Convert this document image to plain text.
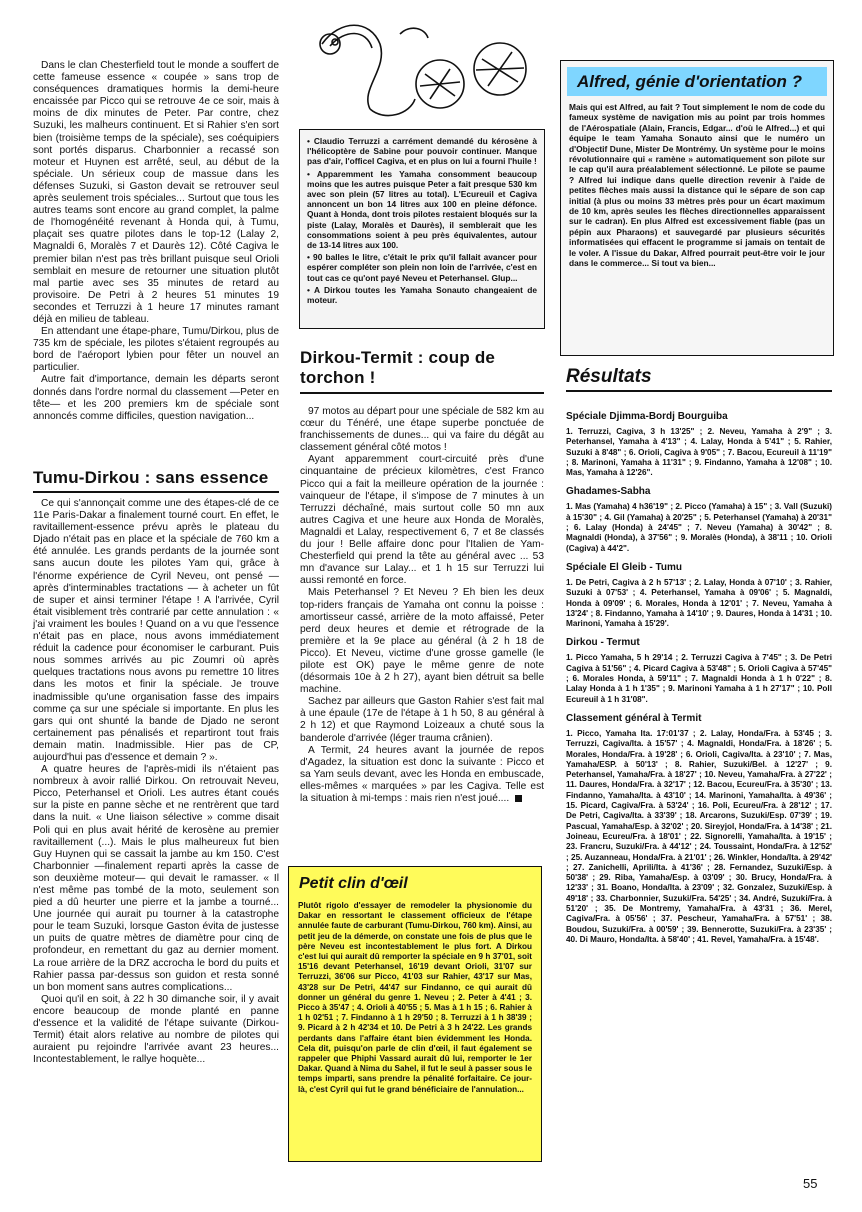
Dans le clan Chesterfield tout le monde a souffert de cette fameuse essence « coupée » sans trop de conséquences dramatiques hormis la demi-heure encaissée par Picco qui se retrouve 4e ce soir, mais à moins de dix minutes de Peter. Par contre, chez Suzuki, les malheurs continuent. Et si Rahier s'en sort bien (troisième temps de la spéciale), ses coéquipiers sont portés disparus. Charbonnier a recassé son moteur et Huynen est arrêté, seul, au début de la spéciale. Un sérieux coup de massue dans les défenses Suzuki, si Gaston devait se retrouver seul après seulement trois spéciales... Surtout que tous les autres teams sont encore au grand complet, la palme de l'homogénéité revenant à Honda qui, à Tumu, plaçait ses quatre pilotes dans le top-12 (Lalay 2, Magnaldi 6, Moralès 7 et Daurès 12). Côté Cagiva le premier bilan n'est pas très brillant puisque seul Orioli semblait en mesure de retourner une situation plutôt mal partie avec ses 35 minutes de retard au provisoire. De Petri à 2 heures 51 minutes 19 secondes et Terruzzi à 1 heure 17 minutes ramant déjà en milieu de tableau.

En attendant une étape-phare, Tumu/Dirkou, plus de 735 km de spéciale, les pilotes s'étaient regroupés au bord de l'aéroport lybien pour fêter un nouvel an particulier.

Autre fait d'importance, demain les départs seront donnés dans l'ordre normal du classement —Peter en tête— et les 200 premiers km de spéciale sont annoncés comme difficiles, question navigation...

Tumu-Dirkou : sans essence

Ce qui s'annonçait comme une des étapes-clé de ce 11e Paris-Dakar a finalement tourné court. En effet, le ravitaillement-essence prévu après le plateau du Djado n'était pas en place et la spéciale de 760 km a été annulée. Les grands perdants de la journée sont sans aucun doute les pilotes Yam qui, grâce à l'énorme expérience de Cyril Neveu, ont pensé — après d'interminables tractations — à acheter un fût de super et ainsi terminer l'étape ! A l'arrivée, Cyril était visiblement très contrarié par cette annulation : « j'ai vraiment les boules ! Quand on a vu que l'essence n'était pas en place, nous avons immédiatement réduit la cadence pour économiser le carburant. Puis nous sommes arrivés au pic Zoumri où après quelques tractations nous avons pu remettre 10 litres dans les motos et finir la spéciale. Je trouve inadmissible qu'une organisation fasse des impairs comme ça sur une spéciale si importante. En plus les gars qui ont shunté la bande de Djado ne seront certainement pas pénalisés et repartiront tout frais demain matin. Inadmissible. Hier pas de CP, aujourd'hui pas d'essence et demain ? ».

A quatre heures de l'après-midi ils n'étaient pas nombreux à avoir rallié Dirkou. On retrouvait Neveu, Picco, Peterhansel et Orioli. Les autres étant coués sur la piste en panne sèche et ne rentrèrent que tard dans la nuit. « Une liaison sélective » comme disait Poli qui en plus avait hérité de kerosène au premier ravitaillement (...). Mais le plus malheureux fut bien Guy Huynen qui se cassait la jambe au km 150. C'est Charbonnier —finalement reparti après la casse de son deuxième moteur— qui devait le ramasser. « Il n'est même pas tombé de la moto, seulement son pied a dû heurter une pierre et la jambe a tourné... Une journée qui aurait pu tourner à la catastrophe pour le team Suzuki, lorsque Gaston évita de justesse un puits de quatre mètres de diamètre pour cinq de profondeur, en remettant du gaz au dernier moment. La roue arrière de la DRZ accrocha le bord du puits et Rahier passa par-dessus son guidon et resta sonné un bon moment sans autres complications...

Quoi qu'il en soit, à 22 h 30 dimanche soir, il y avait encore beaucoup de monde planté en panne d'essence et la validité de l'étape suivante (Dirkou-Termit) était alors relative au nombre de pilotes qui auraient pu rejoindre l'arrivée avant 23 heures... Incontestablement, le rallye hoquète...

• Claudio Terruzzi a carrément demandé du kérosène à l'hélicoptère de Sabine pour pouvoir continuer. Manque pas d'air, l'officel Cagiva, et en plus on lui a fourni l'huile !

• Apparemment les Yamaha consomment beaucoup moins que les autres puisque Peter a fait presque 530 km avec son plein (57 litres au total). L'Ecureuil et Cagiva annoncent un bon 14 litres aux 100 en pleine défonce. Quant à Honda, dont trois pilotes restaient bloqués sur la piste (Lalay, Moralès et Daurès), il semblerait que les consommations soient à peu près équivalentes, autour de 13-14 litres aux 100.

• 90 balles le litre, c'était le prix qu'il fallait avancer pour espérer compléter son plein non loin de l'arrivée, c'est en tout cas ce qu'ont payé Neveu et Peterhansel. Glup...

• A Dirkou toutes les Yamaha Sonauto changeaient de moteur.

Dirkou-Termit : coup de torchon !

97 motos au départ pour une spéciale de 582 km au cœur du Ténéré, une étape superbe ponctuée de franchissements de dunes... qui va faire du dégât au classement général côté motos !

Ayant apparemment court-circuité près d'une cinquantaine de précieux kilomètres, c'est Franco Picco qui a fait la meilleure opération de la journée : vainqueur de l'étape, il s'impose de 7 minutes à un Terruzzi déchaîné, mais surtout colle 50 mn aux autres Cagiva et une heure aux Honda de Moralès, Magnaldi et Lalay, respectivement 6, 7 et 8e classés du jour ! Belle affaire donc pour l'Italien de Yam-Chesterfield qui prend la tête au général avec ... 53 mn d'avance sur Lalay... et 1 h 15 sur Terruzzi lui aussi remonté en force.

Mais Peterhansel ? Et Neveu ? Eh bien les deux top-riders français de Yamaha ont connu la poisse : amortisseur cassé, arrière de la moto affaissé, Peter perd deux heures et demie et rétrograde de la première et la 9e place au général (à 2 h 18 de Picco). Et Neveu, victime d'une grosse gamelle (le pilote est OK) paye le même genre de note (désormais 10e à 2 h 27), ayant bien détruit sa belle machine.

Sachez par ailleurs que Gaston Rahier s'est fait mal à une épaule (17e de l'étape à 1 h 50, 8 au général à 2 h 12) et que Raymond Loizeaux a chuté sous la banderole d'arrivée (léger trauma crânien).

A Termit, 24 heures avant la journée de repos d'Agadez, la situation est donc la suivante : Picco et sa Yam seuls devant, avec les Honda en embuscade, elles-mêmes « marquées » par les Cagiva. Telle est la situation à mi-temps : mais rien n'est joué....

Alfred, génie d'orientation ?
Mais qui est Alfred, au fait ? Tout simplement le nom de code du fameux système de navigation mis au point par trois hommes de l'Aérospatiale (Alain, Francis, Edgar... d'où le Alfred...) et qui équipe le team Yamaha Sonauto ainsi que le numéro un d'Objectif Dune, Mister De Montrémy. Un système pour le moins révolutionnaire qui « ramène » automatiquement son pilote sur le cap qu'il aura préalablement sélectionné. Le pilote se paume ? Alfred lui indique dans quelle direction revenir à l'aide de petites flèches mais aussi la distance qui le sépare de son cap initial (à plus ou moins 33 mètres près pour un écart maximum de 10 km, après seules les flèches directionnelles apparaissent sur le cadran). En plus Alfred est excessivement fiable (pas un pépin aux Pharaons) et sauvegardé par plusieurs sécurités informatisées qui effacent le programme si jamais on tentait de le voler. A l'issue du Dakar, Alfred pourrait peut-être voir le jour dans le commerce... Si tout va bien...
Résultats
Spéciale Djimma-Bordj Bourguiba
1. Terruzzi, Cagiva, 3 h 13'25" ; 2. Neveu, Yamaha à 2'9" ; 3. Peterhansel, Yamaha à 4'13" ; 4. Lalay, Honda à 5'41" ; 5. Rahier, Suzuki à 8'48" ; 6. Orioli, Cagiva à 9'05" ; 7. Bacou, Ecureuil à 11'19" ; 8. Marinoni, Yamaha à 11'31" ; 9. Findanno, Yamaha à 12'08" ; 10. Mas, Yamaha à 12'26".
Ghadames-Sabha
1. Mas (Yamaha) 4 h36'19" ; 2. Picco (Yamaha) à 15" ; 3. Vall (Suzuki) à 15'30" ; 4. Gil (Yamaha) à 20'25" ; 5. Peterhansel (Yamaha) à 20'31" ; 6. Lalay (Honda) à 24'45" ; 7. Neveu (Yamaha) à 30'42" ; 8. Magnaldi (Honda), à 37'56" ; 9. Moralès (Honda), à 38'11 ; 10. Orioli (Cagiva) à 44'2".
Spéciale El Gleib - Tumu
1. De Petri, Cagiva à 2 h 57'13' ; 2. Lalay, Honda à 07'10' ; 3. Rahier, Suzuki à 07'53' ; 4. Peterhansel, Yamaha à 09'06' ; 5. Magnaldi, Honda à 09'09' ; 6. Morales, Honda à 12'01' ; 7. Neveu, Yamaha à 13'24' ; 8. Findanno, Yamaha à 14'10' ; 9. Daures, Honda à 14'31 ; 10. Marinoni, Yamaha à 15'29'.
Dirkou - Termut
1. Picco Yamaha, 5 h 29'14 ; 2. Terruzzi Cagiva à 7'45" ; 3. De Petri Cagiva à 51'56" ; 4. Picard Cagiva à 53'48" ; 5. Orioli Cagiva à 57'45" ; 6. Morales Honda, à 59'11" ; 7. Magnaldi Honda à 1 h 0'22" ; 8. Lalay Honda à 1 h 1'35" ; 9. Marinoni Yamaha à 1 h 27'17" ; 10. Poll Ecureuil à 1 h 31'08".
Classement général à Termit
1. Picco, Yamaha Ita. 17:01'37 ; 2. Lalay, Honda/Fra. à 53'45 ; 3. Terruzzi, Cagiva/Ita. à 15'57' ; 4. Magnaldi, Honda/Fra. à 18'26' ; 5. Morales, Honda/Fra. à 19'28' ; 6. Orioli, Cagiva/Ita. à 23'10' ; 7. Mas, Yamaha/ESP. à 50'13' ; 8. Rahier, Suzuki/Bel. à 12'27' ; 9. Peterhansel, Yamaha/Fra. à 18'27' ; 10. Neveu, Yamaha/Fra. à 27'22' ; 11. Daures, Honda/Fra. à 32'17' ; 12. Bacou, Ecureu/Fra. à 35'30' ; 13. Findanno, Yamaha/Ita. à 43'10' ; 14. Marinoni, Yamaha/Ita. à 49'36' ; 15. Picard, Cagiva/Fra. à 53'24' ; 16. Poli, Ecureu/Fra. à 28'12' ; 17. De Petri, Cagiva/Ita. à 33'39' ; 18. Arcarons, Suzuki/Esp. 07'39' ; 19. Pascual, Yamaha/Esp. à 32'02' ; 20. Sireyjol, Honda/Fra. à 14'38' ; 21. Joineau, Ecureu/Fra. à 18'01' ; 22. Signorelli, Yamaha/Ita. à 19'15' ; 23. Francru, Suzuki/Fra. à 44'12' ; 24. Toussaint, Honda/Fra. à 12'52' ; 25. Auzanneau, Honda/Fra. à 21'01' ; 26. Winkler, Honda/Ita. à 29'42' ; 27. Zanichelli, Aprili/Ita. à 41'36' ; 28. Fernandez, Suzuki/Esp. à 50'38' ; 29. Riba, Yamaha/Esp. à 03'09' ; 30. Brucy, Honda/Fra. à 12'33' ; 31. Boano, Honda/Ita. à 23'09' ; 32. Gonzalez, Suzuki/Esp. à 49'18' ; 33. Charbonnier, Suzuki/Fra. 54'25' ; 34. André, Suzuki/Fra. à 51'20' ; 35. De Montremy, Yamaha/Fra. à 43'31 ; 36. Merel, Cagiva/Fra. à 05'56' ; 37. Pescheur, Yamaha/Fra. à 57'51' ; 38. Boudou, Suzuki/Fra. à 00'59' ; 39. Bennerotte, Suzuki/Fra. à 23'35' ; 40. Di Mauro, Honda/Ita. à 58'40' ; 41. Revel, Yamaha/Fra. à 15'48'.
Petit clin d'œil
Plutôt rigolo d'essayer de remodeler la physionomie du Dakar en ressortant le classement officieux de l'étape annulée faute de carburant (Tumu-Dirkou, 760 km). Ainsi, au petit jeu de la démerde, on constate une fois de plus que le père Neveu est incontestablement le plus fort. A Dirkou c'est lui qui aurait dû remporter la spéciale en 9 h 37'01, soit 15'16 devant Peterhansel, 16'19 devant Orioli, 31'07 sur Terruzzi, 36'06 sur Picco, 41'03 sur Rahier, 43'17 sur Mas, 43'28 sur De Petri, 44'47 sur Findanno, ce qui aurait dû donner un général du genre 1. Neveu ; 2. Peter à 4'41 ; 3. Picco à 35'47 ; 4. Orioli à 40'55 ; 5. Mas à 1 h 15 ; 6. Rahier à 1 h 02'51 ; 7. Findanno à 1 h 29'50 ; 8. Terruzzi à 1 h 38'39 ; 9. Picard à 2 h 42'34 et 10. De Petri à 3 h 24'22. Les grands perdants dans l'affaire étant bien évidemment les Honda. Cela dit, puisqu'on parle de clin d'œil, il faut également se rappeler que Phiphi Vassard aurait dû lui, remporter le 1er Dakar. Quand à Nima du Sahel, il fut le seul à passer sous le temps imparti, sans prendre la pénalité forfaitaire. Ce jour-là, c'est Cyril qui fut le grand bénéficiaire de l'annulation...
55
